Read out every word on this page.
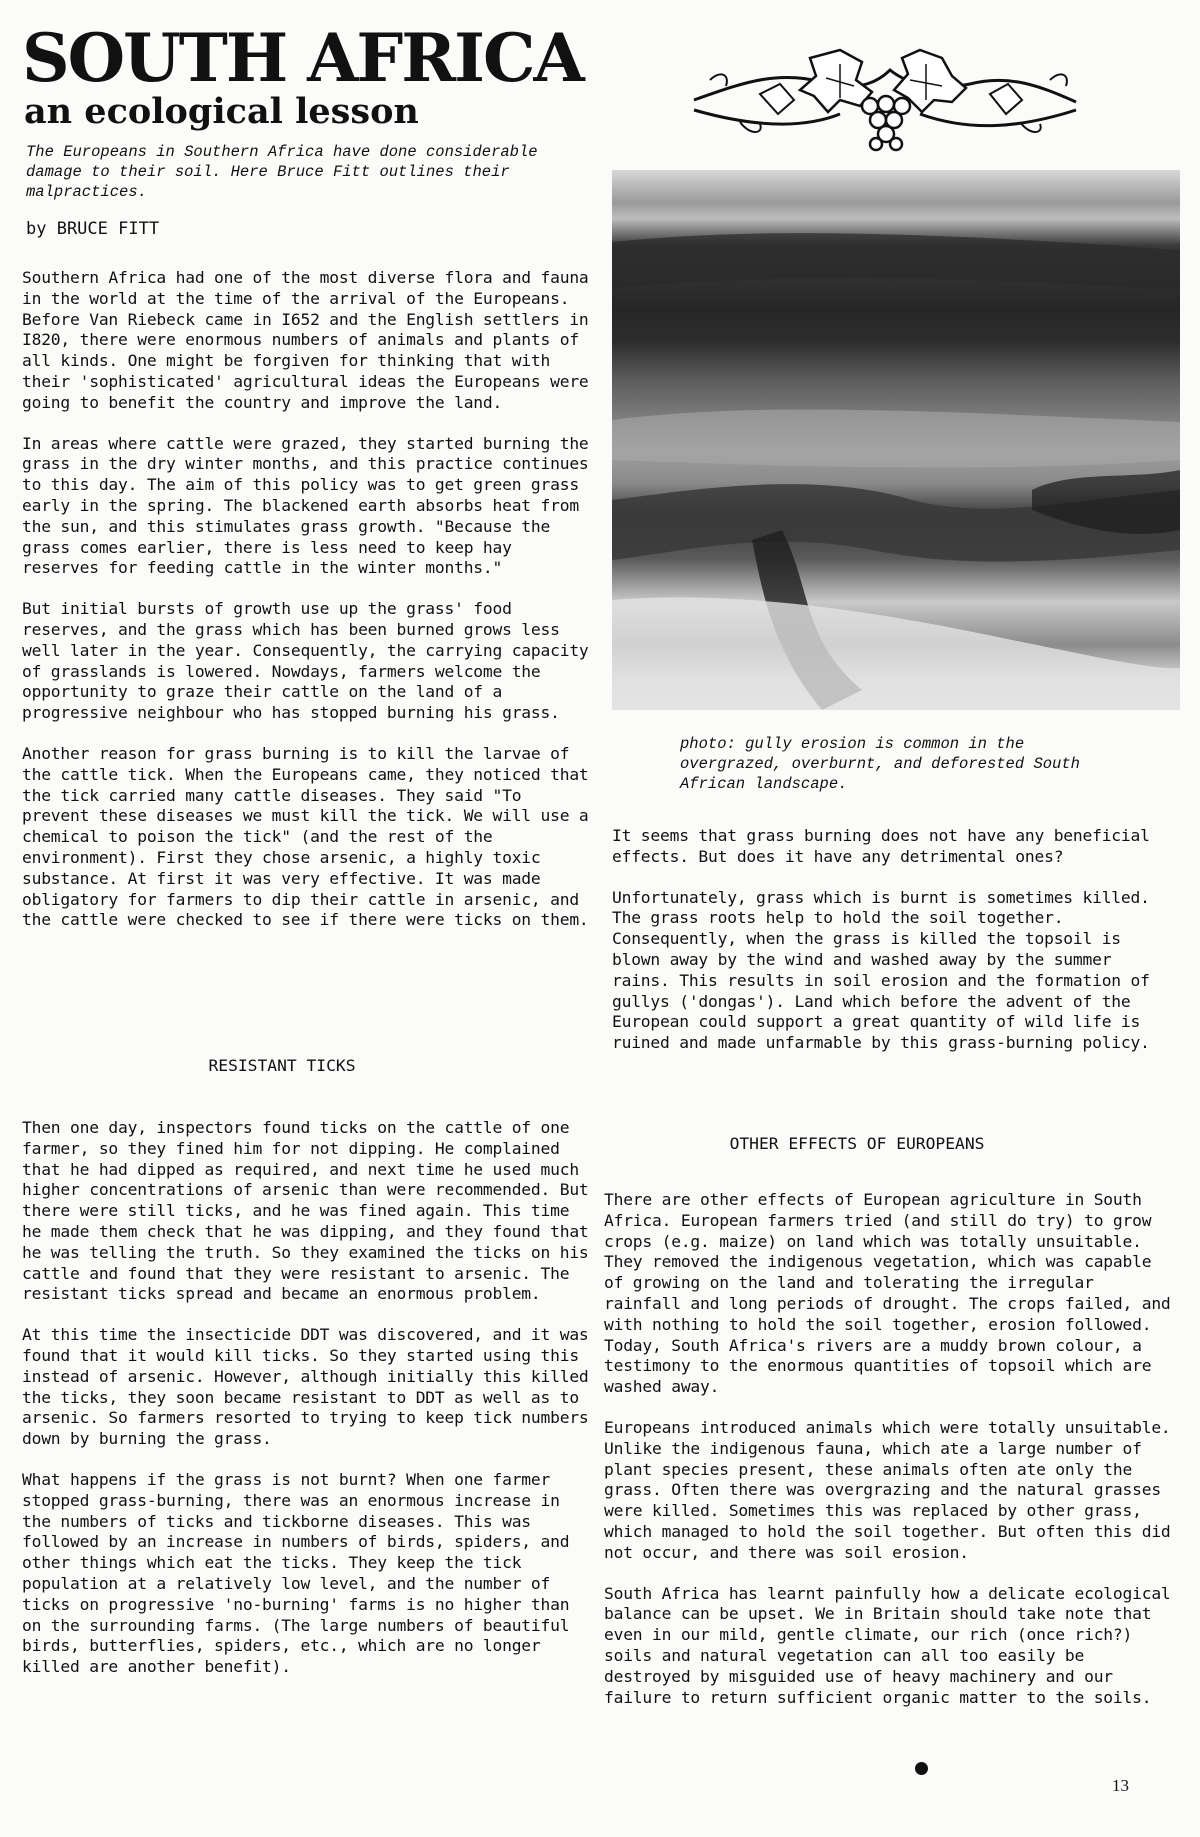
SOUTH AFRICA
an ecological lesson

The Europeans in Southern Africa have done considerable damage to their soil. Here Bruce Fitt outlines their malpractices.

by BRUCE FITT

photo: gully erosion is common in the overgrazed, overburnt, and deforested South African landscape.

Southern Africa had one of the most diverse flora and fauna in the world at the time of the arrival of the Europeans. Before Van Riebeck came in I652 and the English settlers in I820, there were enormous numbers of animals and plants of all kinds. One might be forgiven for thinking that with their 'sophisticated' agricultural ideas the Europeans were going to benefit the country and improve the land.

In areas where cattle were grazed, they started burning the grass in the dry winter months, and this practice continues to this day. The aim of this policy was to get green grass early in the spring. The blackened earth absorbs heat from the sun, and this stimulates grass growth. "Because the grass comes earlier, there is less need to keep hay reserves for feeding cattle in the winter months."

But initial bursts of growth use up the grass' food reserves, and the grass which has been burned grows less well later in the year. Consequently, the carrying capacity of grasslands is lowered. Nowdays, farmers welcome the opportunity to graze their cattle on the land of a progressive neighbour who has stopped burning his grass.

Another reason for grass burning is to kill the larvae of the cattle tick. When the Europeans came, they noticed that the tick carried many cattle diseases. They said "To prevent these diseases we must kill the tick. We will use a chemical to poison the tick" (and the rest of the environment). First they chose arsenic, a highly toxic substance. At first it was very effective. It was made obligatory for farmers to dip their cattle in arsenic, and the cattle were checked to see if there were ticks on them.

RESISTANT TICKS

Then one day, inspectors found ticks on the cattle of one farmer, so they fined him for not dipping. He complained that he had dipped as required, and next time he used much higher concentrations of arsenic than were recommended. But there were still ticks, and he was fined again. This time he made them check that he was dipping, and they found that he was telling the truth. So they examined the ticks on his cattle and found that they were resistant to arsenic. The resistant ticks spread and became an enormous problem.

At this time the insecticide DDT was discovered, and it was found that it would kill ticks. So they started using this instead of arsenic. However, although initially this killed the ticks, they soon became resistant to DDT as well as to arsenic. So farmers resorted to trying to keep tick numbers down by burning the grass.

What happens if the grass is not burnt? When one farmer stopped grass-burning, there was an enormous increase in the numbers of ticks and tickborne diseases. This was followed by an increase in numbers of birds, spiders, and other things which eat the ticks. They keep the tick population at a relatively low level, and the number of ticks on progressive 'no-burning' farms is no higher than on the surrounding farms. (The large numbers of beautiful birds, butterflies, spiders, etc., which are no longer killed are another benefit).

It seems that grass burning does not have any beneficial effects. But does it have any detrimental ones?

Unfortunately, grass which is burnt is sometimes killed. The grass roots help to hold the soil together. Consequently, when the grass is killed the topsoil is blown away by the wind and washed away by the summer rains. This results in soil erosion and the formation of gullys ('dongas'). Land which before the advent of the European could support a great quantity of wild life is ruined and made unfarmable by this grass-burning policy.

OTHER EFFECTS OF EUROPEANS

There are other effects of European agriculture in South Africa. European farmers tried (and still do try) to grow crops (e.g. maize) on land which was totally unsuitable. They removed the indigenous vegetation, which was capable of growing on the land and tolerating the irregular rainfall and long periods of drought. The crops failed, and with nothing to hold the soil together, erosion followed. Today, South Africa's rivers are a muddy brown colour, a testimony to the enormous quantities of topsoil which are washed away.

Europeans introduced animals which were totally unsuitable. Unlike the indigenous fauna, which ate a large number of plant species present, these animals often ate only the grass. Often there was overgrazing and the natural grasses were killed. Sometimes this was replaced by other grass, which managed to hold the soil together. But often this did not occur, and there was soil erosion.

South Africa has learnt painfully how a delicate ecological balance can be upset. We in Britain should take note that even in our mild, gentle climate, our rich (once rich?) soils and natural vegetation can all too easily be destroyed by misguided use of heavy machinery and our failure to return sufficient organic matter to the soils.

13
